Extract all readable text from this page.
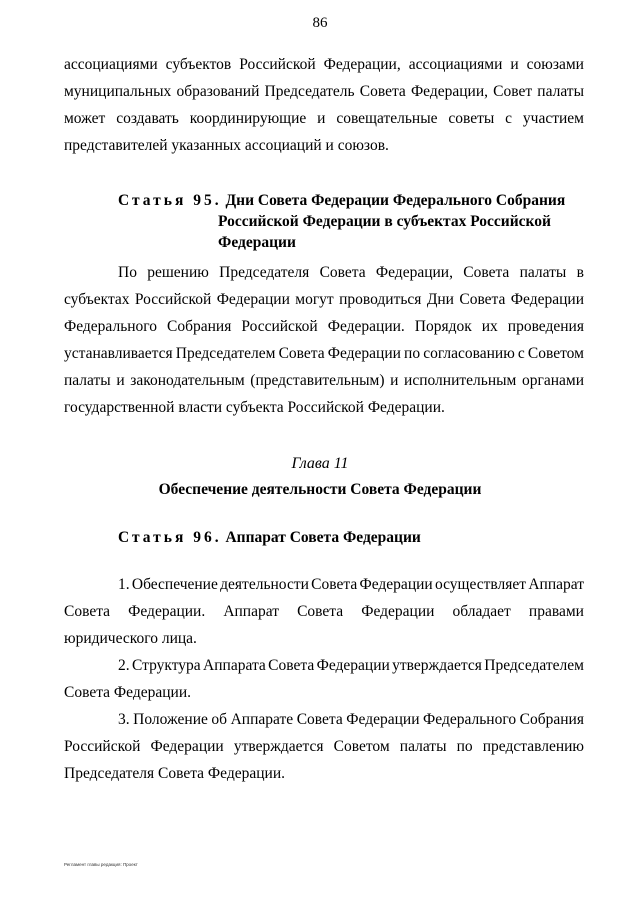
86
ассоциациями субъектов Российской Федерации, ассоциациями и союзами
муниципальных образований Председатель Совета Федерации, Совет палаты
может создавать координирующие и совещательные советы с участием
представителей указанных ассоциаций и союзов.
Статья 95. Дни Совета Федерации Федерального Собрания
Российской Федерации в субъектах Российской
Федерации
По решению Председателя Совета Федерации, Совета палаты в
субъектах Российской Федерации могут проводиться Дни Совета Федерации
Федерального Собрания Российской Федерации. Порядок их проведения
устанавливается Председателем Совета Федерации по согласованию с Советом
палаты и законодательным (представительным) и исполнительным органами
государственной власти субъекта Российской Федерации.
Глава 11
Обеспечение деятельности Совета Федерации
Статья 96. Аппарат Совета Федерации
1. Обеспечение деятельности Совета Федерации осуществляет Аппарат
Совета Федерации. Аппарат Совета Федерации обладает правами
юридического лица.
2. Структура Аппарата Совета Федерации утверждается Председателем
Совета Федерации.
3. Положение об Аппарате Совета Федерации Федерального Собрания
Российской Федерации утверждается Советом палаты по представлению
Председателя Совета Федерации.
Регламент главы редакция: Проект
